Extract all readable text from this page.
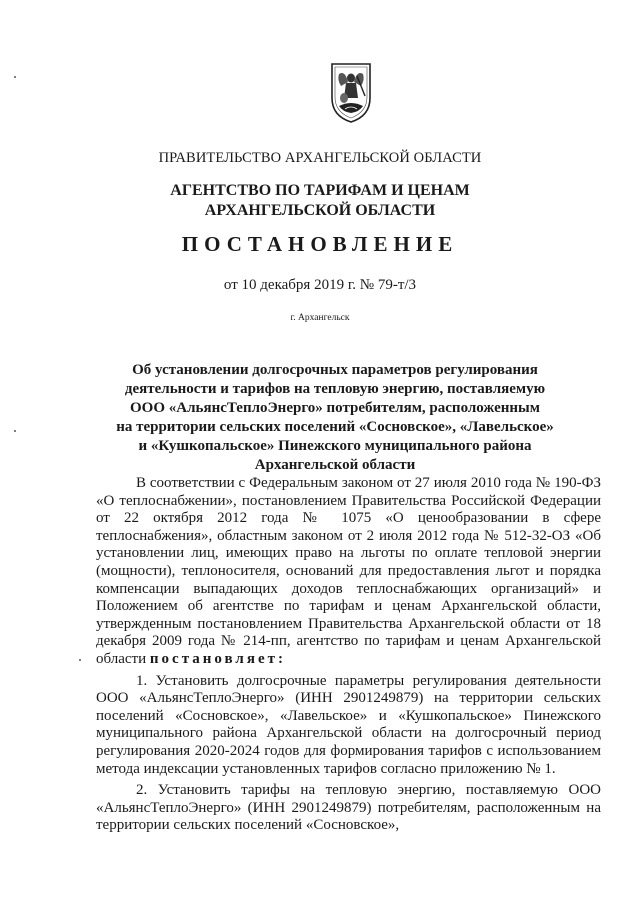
ПРАВИТЕЛЬСТВО АРХАНГЕЛЬСКОЙ ОБЛАСТИ
АГЕНТСТВО ПО ТАРИФАМ И ЦЕНАМ
АРХАНГЕЛЬСКОЙ ОБЛАСТИ
ПОСТАНОВЛЕНИЕ
от 10 декабря 2019 г. № 79-т/3
г. Архангельск
Об установлении долгосрочных параметров регулирования
деятельности и тарифов на тепловую энергию, поставляемую
ООО «АльянсТеплоЭнерго» потребителям, расположенным
на территории сельских поселений «Сосновское», «Лавельское»
и «Кушкопальское» Пинежского муниципального района
Архангельской области

В соответствии с Федеральным законом от 27 июля 2010 года № 190-ФЗ «О теплоснабжении», постановлением Правительства Российской Федерации от 22 октября 2012 года № 1075 «О ценообразовании в сфере теплоснабжения», областным законом от 2 июля 2012 года № 512-32-ОЗ «Об установлении лиц, имеющих право на льготы по оплате тепловой энергии (мощности), теплоносителя, оснований для предоставления льгот и порядка компенсации выпадающих доходов теплоснабжающих организаций» и Положением об агентстве по тарифам и ценам Архангельской области, утвержденным постановлением Правительства Архангельской области от 18 декабря 2009 года № 214-пп, агентство по тарифам и ценам Архангельской области постановляет:

1. Установить долгосрочные параметры регулирования деятельности ООО «АльянсТеплоЭнерго» (ИНН 2901249879) на территории сельских поселений «Сосновское», «Лавельское» и «Кушкопальское» Пинежского муниципального района Архангельской области на долгосрочный период регулирования 2020-2024 годов для формирования тарифов с использованием метода индексации установленных тарифов согласно приложению № 1.

2. Установить тарифы на тепловую энергию, поставляемую ООО «АльянсТеплоЭнерго» (ИНН 2901249879) потребителям, расположенным на территории сельских поселений «Сосновское»,
